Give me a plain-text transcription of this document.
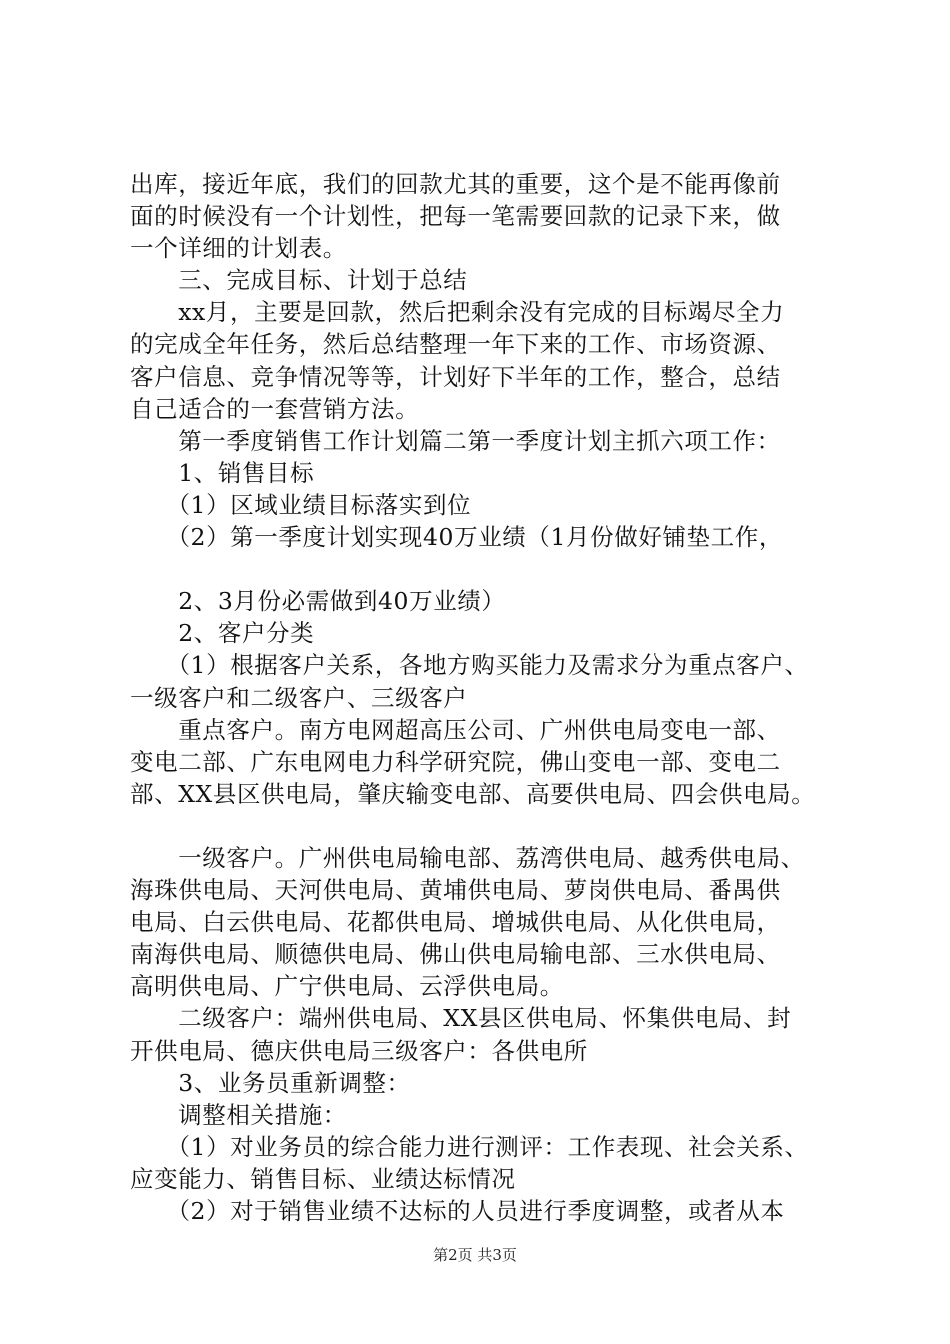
出库，接近年底，我们的回款尤其的重要，这个是不能再像前
面的时候没有一个计划性，把每一笔需要回款的记录下来，做
一个详细的计划表。
　　三、完成目标、计划于总结
　　xx月，主要是回款，然后把剩余没有完成的目标竭尽全力
的完成全年任务，然后总结整理一年下来的工作、市场资源、
客户信息、竞争情况等等，计划好下半年的工作，整合，总结
自己适合的一套营销方法。
　　第一季度销售工作计划篇二第一季度计划主抓六项工作：
　　1、销售目标
　　（1）区域业绩目标落实到位
　　（2）第一季度计划实现40万业绩（1月份做好铺垫工作，
　　2、3月份必需做到40万业绩）
　　2、客户分类
　　（1）根据客户关系，各地方购买能力及需求分为重点客户、
一级客户和二级客户、三级客户
　　重点客户。南方电网超高压公司、广州供电局变电一部、
变电二部、广东电网电力科学研究院，佛山变电一部、变电二
部、XX县区供电局，肇庆输变电部、高要供电局、四会供电局。
　　一级客户。广州供电局输电部、荔湾供电局、越秀供电局、
海珠供电局、天河供电局、黄埔供电局、萝岗供电局、番禺供
电局、白云供电局、花都供电局、增城供电局、从化供电局，
南海供电局、顺德供电局、佛山供电局输电部、三水供电局、
高明供电局、广宁供电局、云浮供电局。
　　二级客户：端州供电局、XX县区供电局、怀集供电局、封
开供电局、德庆供电局三级客户：各供电所
　　3、业务员重新调整：
　　调整相关措施：
　　（1）对业务员的综合能力进行测评：工作表现、社会关系、
应变能力、销售目标、业绩达标情况
　　（2）对于销售业绩不达标的人员进行季度调整，或者从本
第2页 共3页
